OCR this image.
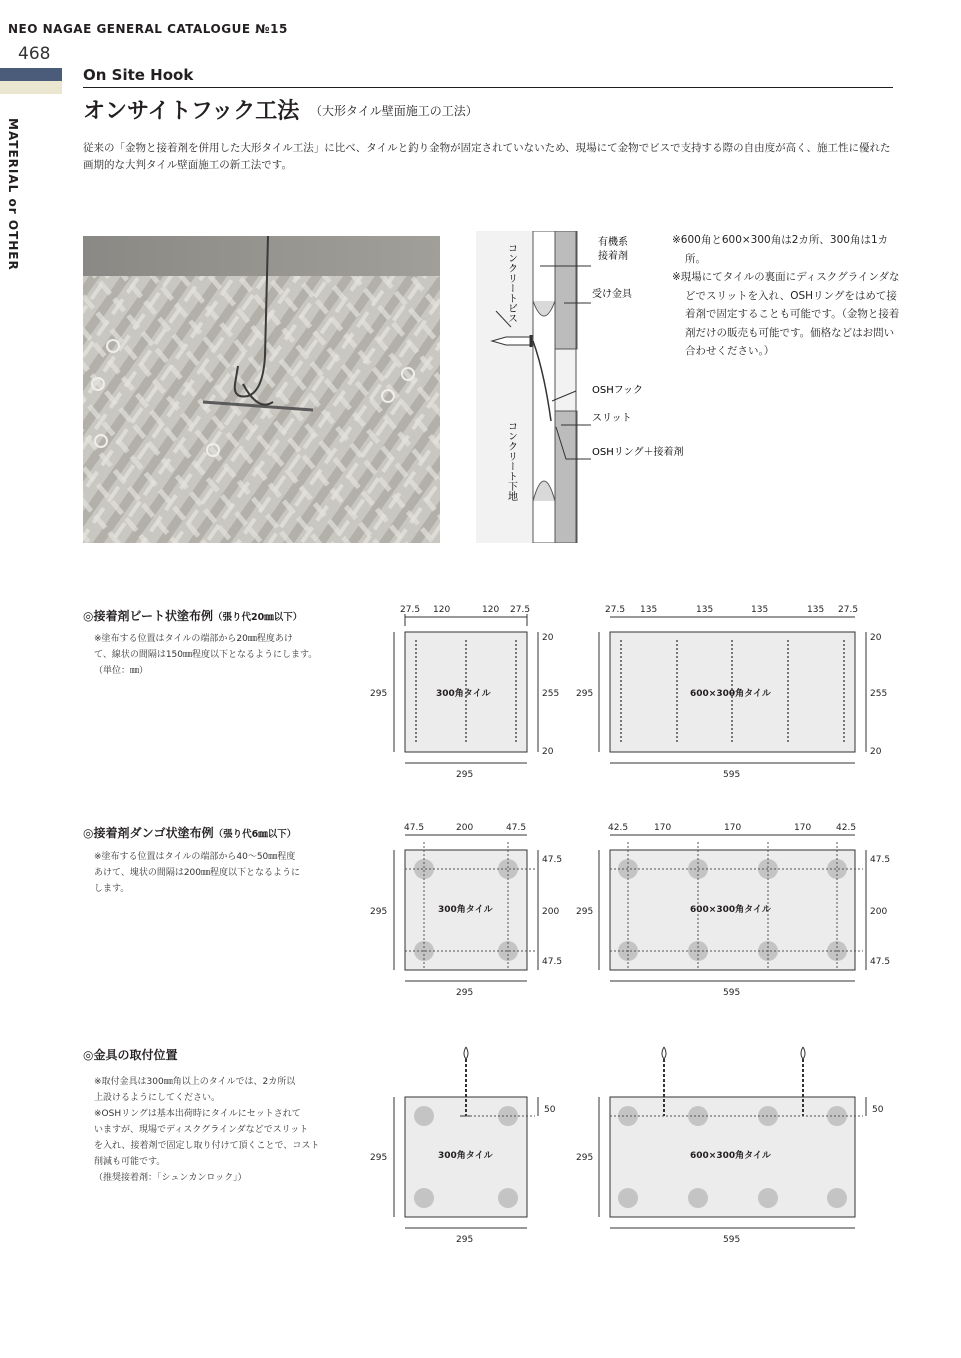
NEO NAGAE GENERAL CATALOGUE №15
468
MATERIAL or OTHER
On Site Hook
オンサイトフック工法 （大形タイル壁面施工の工法）
従来の「金物と接着剤を併用した大形タイル工法」に比べ、タイルと釣り金物が固定されていないため、現場にて金物でビスで支持する際の自由度が高く、施工性に優れた画期的な大判タイル壁面施工の新工法です。
コンクリートビス
コンクリート下地
有機系
接着剤
受け金具
OSHフック
スリット
OSHリング＋接着剤

※600角と600×300角は2カ所、300角は1カ所。

※現場にてタイルの裏面にディスクグラインダなどでスリットを入れ、OSHリングをはめて接着剤で固定することも可能です。（金物と接着剤だけの販売も可能です。価格などはお問い合わせください。）

◎接着剤ビート状塗布例（張り代20㎜以下）

※塗布する位置はタイルの端部から20㎜程度あけ

て、線状の間隔は150㎜程度以下となるようにします。

（単位：㎜）

27.5 120	120 27.5
295
20
255
20
295
300角タイル
27.5 135	135	135	135 27.5
295
20
255
20
595
600×300角タイル
◎接着剤ダンゴ状塗布例（張り代6㎜以下）

※塗布する位置はタイルの端部から40～50㎜程度

あけて、塊状の間隔は200㎜程度以下となるように

します。

47.5	200	47.5
295
47.5
200
47.5
295
300角タイル
42.5	170	170	170	42.5
295
47.5
200
47.5
595
600×300角タイル
◎金具の取付位置

※取付金具は300㎜角以上のタイルでは、2カ所以

上設けるようにしてください。

※OSHリングは基本出荷時にタイルにセットされて

いますが、現場でディスクグラインダなどでスリット

を入れ、接着剤で固定し取り付けて頂くことで、コスト

削減も可能です。

（推奨接着剤：「シュンカンロック」）

295
50
295
300角タイル	295
50
595
600×300角タイル
